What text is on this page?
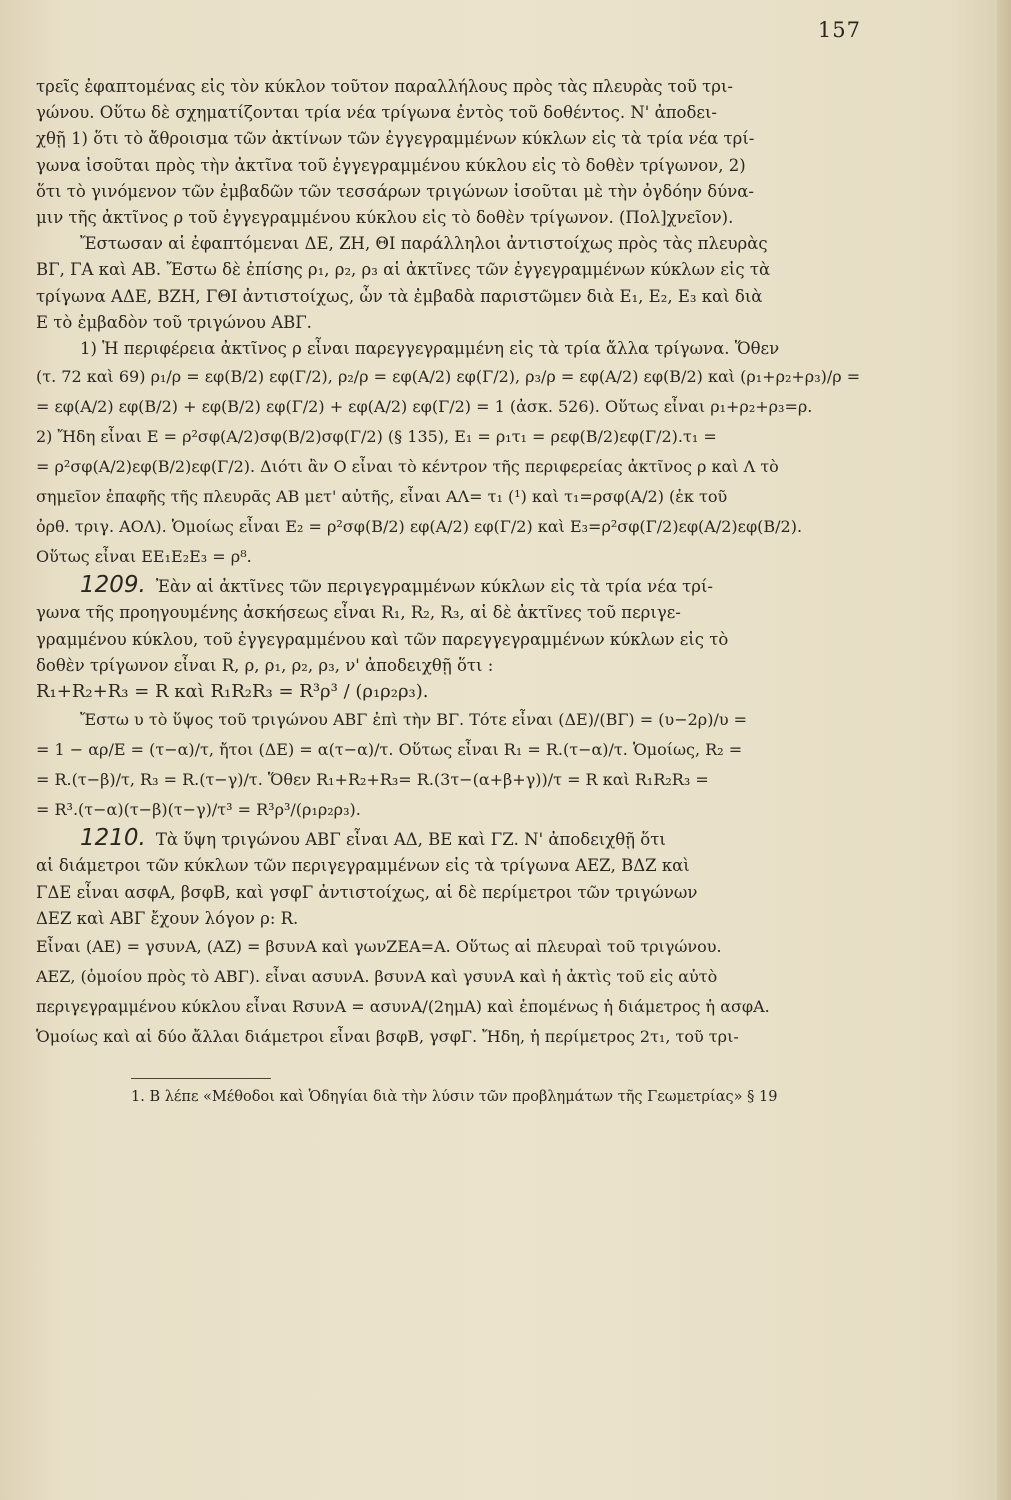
157

τρεῖς ἐφαπτομένας εἰς τὸν κύκλον τοῦτον παραλλήλους πρὸς τὰς πλευρὰς τοῦ τρι-

γώνου. Οὕτω δὲ σχηματίζονται τρία νέα τρίγωνα ἐντὸς τοῦ δοθέντος. Ν' ἀποδει-

χθῇ 1) ὅτι τὸ ἄθροισμα τῶν ἀκτίνων τῶν ἐγγεγραμμένων κύκλων εἰς τὰ τρία νέα τρί-

γωνα ἰσοῦται πρὸς τὴν ἀκτῖνα τοῦ ἐγγεγραμμένου κύκλου εἰς τὸ δοθὲν τρίγωνον, 2)

ὅτι τὸ γινόμενον τῶν ἐμβαδῶν τῶν τεσσάρων τριγώνων ἰσοῦται μὲ τὴν ὀγδόην δύνα-

μιν τῆς ἀκτῖνος ρ τοῦ ἐγγεγραμμένου κύκλου εἰς τὸ δοθὲν τρίγωνον. (Πολ]χνεῖον).

Ἔστωσαν αἱ ἐφαπτόμεναι ΔΕ, ΖΗ, ΘΙ παράλληλοι ἀντιστοίχως πρὸς τὰς πλευρὰς

ΒΓ, ΓΑ καὶ ΑΒ. Ἔστω δὲ ἐπίσης ρ₁, ρ₂, ρ₃ αἱ ἀκτῖνες τῶν ἐγγεγραμμένων κύκλων εἰς τὰ

τρίγωνα ΑΔΕ, ΒΖΗ, ΓΘΙ ἀντιστοίχως, ὧν τὰ ἐμβαδὰ παριστῶμεν διὰ Ε₁, Ε₂, Ε₃ καὶ διὰ

Ε τὸ ἐμβαδὸν τοῦ τριγώνου ΑΒΓ.

1) Ἡ περιφέρεια ἀκτῖνος ρ εἶναι παρεγγεγραμμένη εἰς τὰ τρία ἄλλα τρίγωνα. Ὅθεν

(τ. 72 καὶ 69) ρ₁/ρ = εφ(Β/2) εφ(Γ/2), ρ₂/ρ = εφ(Α/2) εφ(Γ/2), ρ₃/ρ = εφ(Α/2) εφ(Β/2) καὶ (ρ₁+ρ₂+ρ₃)/ρ =

= εφ(Α/2) εφ(Β/2) + εφ(Β/2) εφ(Γ/2) + εφ(Α/2) εφ(Γ/2) = 1 (ἀσκ. 526). Οὕτως εἶναι ρ₁+ρ₂+ρ₃=ρ.

2) Ἤδη εἶναι Ε = ρ²σφ(Α/2)σφ(Β/2)σφ(Γ/2) (§ 135), Ε₁ = ρ₁τ₁ = ρεφ(Β/2)εφ(Γ/2).τ₁ =

= ρ²σφ(Α/2)εφ(Β/2)εφ(Γ/2). Διότι ἂν Ο εἶναι τὸ κέντρον τῆς περιφερείας ἀκτῖνος ρ καὶ Λ τὸ

σημεῖον ἐπαφῆς τῆς πλευρᾶς ΑΒ μετ' αὐτῆς, εἶναι ΑΛ= τ₁ (¹) καὶ τ₁=ρσφ(Α/2) (ἐκ τοῦ

ὀρθ. τριγ. ΑΟΛ). Ὁμοίως εἶναι Ε₂ = ρ²σφ(Β/2) εφ(Α/2) εφ(Γ/2) καὶ Ε₃=ρ²σφ(Γ/2)εφ(Α/2)εφ(Β/2).

Οὕτως εἶναι ΕΕ₁Ε₂Ε₃ = ρ⁸.

1209. Ἐὰν αἱ ἀκτῖνες τῶν περιγεγραμμένων κύκλων εἰς τὰ τρία νέα τρί-

γωνα τῆς προηγουμένης ἀσκήσεως εἶναι R₁, R₂, R₃, αἱ δὲ ἀκτῖνες τοῦ περιγε-

γραμμένου κύκλου, τοῦ ἐγγεγραμμένου καὶ τῶν παρεγγεγραμμένων κύκλων εἰς τὸ

δοθὲν τρίγωνον εἶναι R, ρ, ρ₁, ρ₂, ρ₃, ν' ἀποδειχθῇ ὅτι :

R₁+R₂+R₃ = R καὶ R₁R₂R₃ = R³ρ³ / (ρ₁ρ₂ρ₃).

Ἔστω υ τὸ ὕψος τοῦ τριγώνου ΑΒΓ ἐπὶ τὴν ΒΓ. Τότε εἶναι (ΔΕ)/(ΒΓ) = (υ−2ρ)/υ =

= 1 − αρ/Ε = (τ−α)/τ, ἤτοι (ΔΕ) = α(τ−α)/τ. Οὕτως εἶναι R₁ = R.(τ−α)/τ. Ὁμοίως, R₂ =

= R.(τ−β)/τ, R₃ = R.(τ−γ)/τ. Ὅθεν R₁+R₂+R₃= R.(3τ−(α+β+γ))/τ = R καὶ R₁R₂R₃ =

= R³.(τ−α)(τ−β)(τ−γ)/τ³ = R³ρ³/(ρ₁ρ₂ρ₃).

1210. Τὰ ὕψη τριγώνου ΑΒΓ εἶναι ΑΔ, ΒΕ καὶ ΓΖ. Ν' ἀποδειχθῇ ὅτι

αἱ διάμετροι τῶν κύκλων τῶν περιγεγραμμένων εἰς τὰ τρίγωνα ΑΕΖ, ΒΔΖ καὶ

ΓΔΕ εἶναι ασφΑ, βσφΒ, καὶ γσφΓ ἀντιστοίχως, αἱ δὲ περίμετροι τῶν τριγώνων

ΔΕΖ καὶ ΑΒΓ ἔχουν λόγον ρ: R.

Εἶναι (ΑΕ) = γσυνΑ, (ΑΖ) = βσυνΑ καὶ γωνΖΕΑ=Α. Οὕτως αἱ πλευραὶ τοῦ τριγώνου.

ΑΕΖ, (ὁμοίου πρὸς τὸ ΑΒΓ). εἶναι ασυνΑ. βσυνΑ καὶ γσυνΑ καὶ ἡ ἀκτὶς τοῦ εἰς αὐτὸ

περιγεγραμμένου κύκλου εἶναι RσυνΑ = ασυνΑ/(2ημΑ) καὶ ἑπομένως ἡ διάμετρος ἡ ασφΑ.

Ὁμοίως καὶ αἱ δύο ἄλλαι διάμετροι εἶναι βσφΒ, γσφΓ. Ἤδη, ἡ περίμετρος 2τ₁, τοῦ τρι-

1. Β λέπε «Μέθοδοι καὶ Ὁδηγίαι διὰ τὴν λύσιν τῶν προβλημάτων τῆς Γεωμετρίας» § 19
